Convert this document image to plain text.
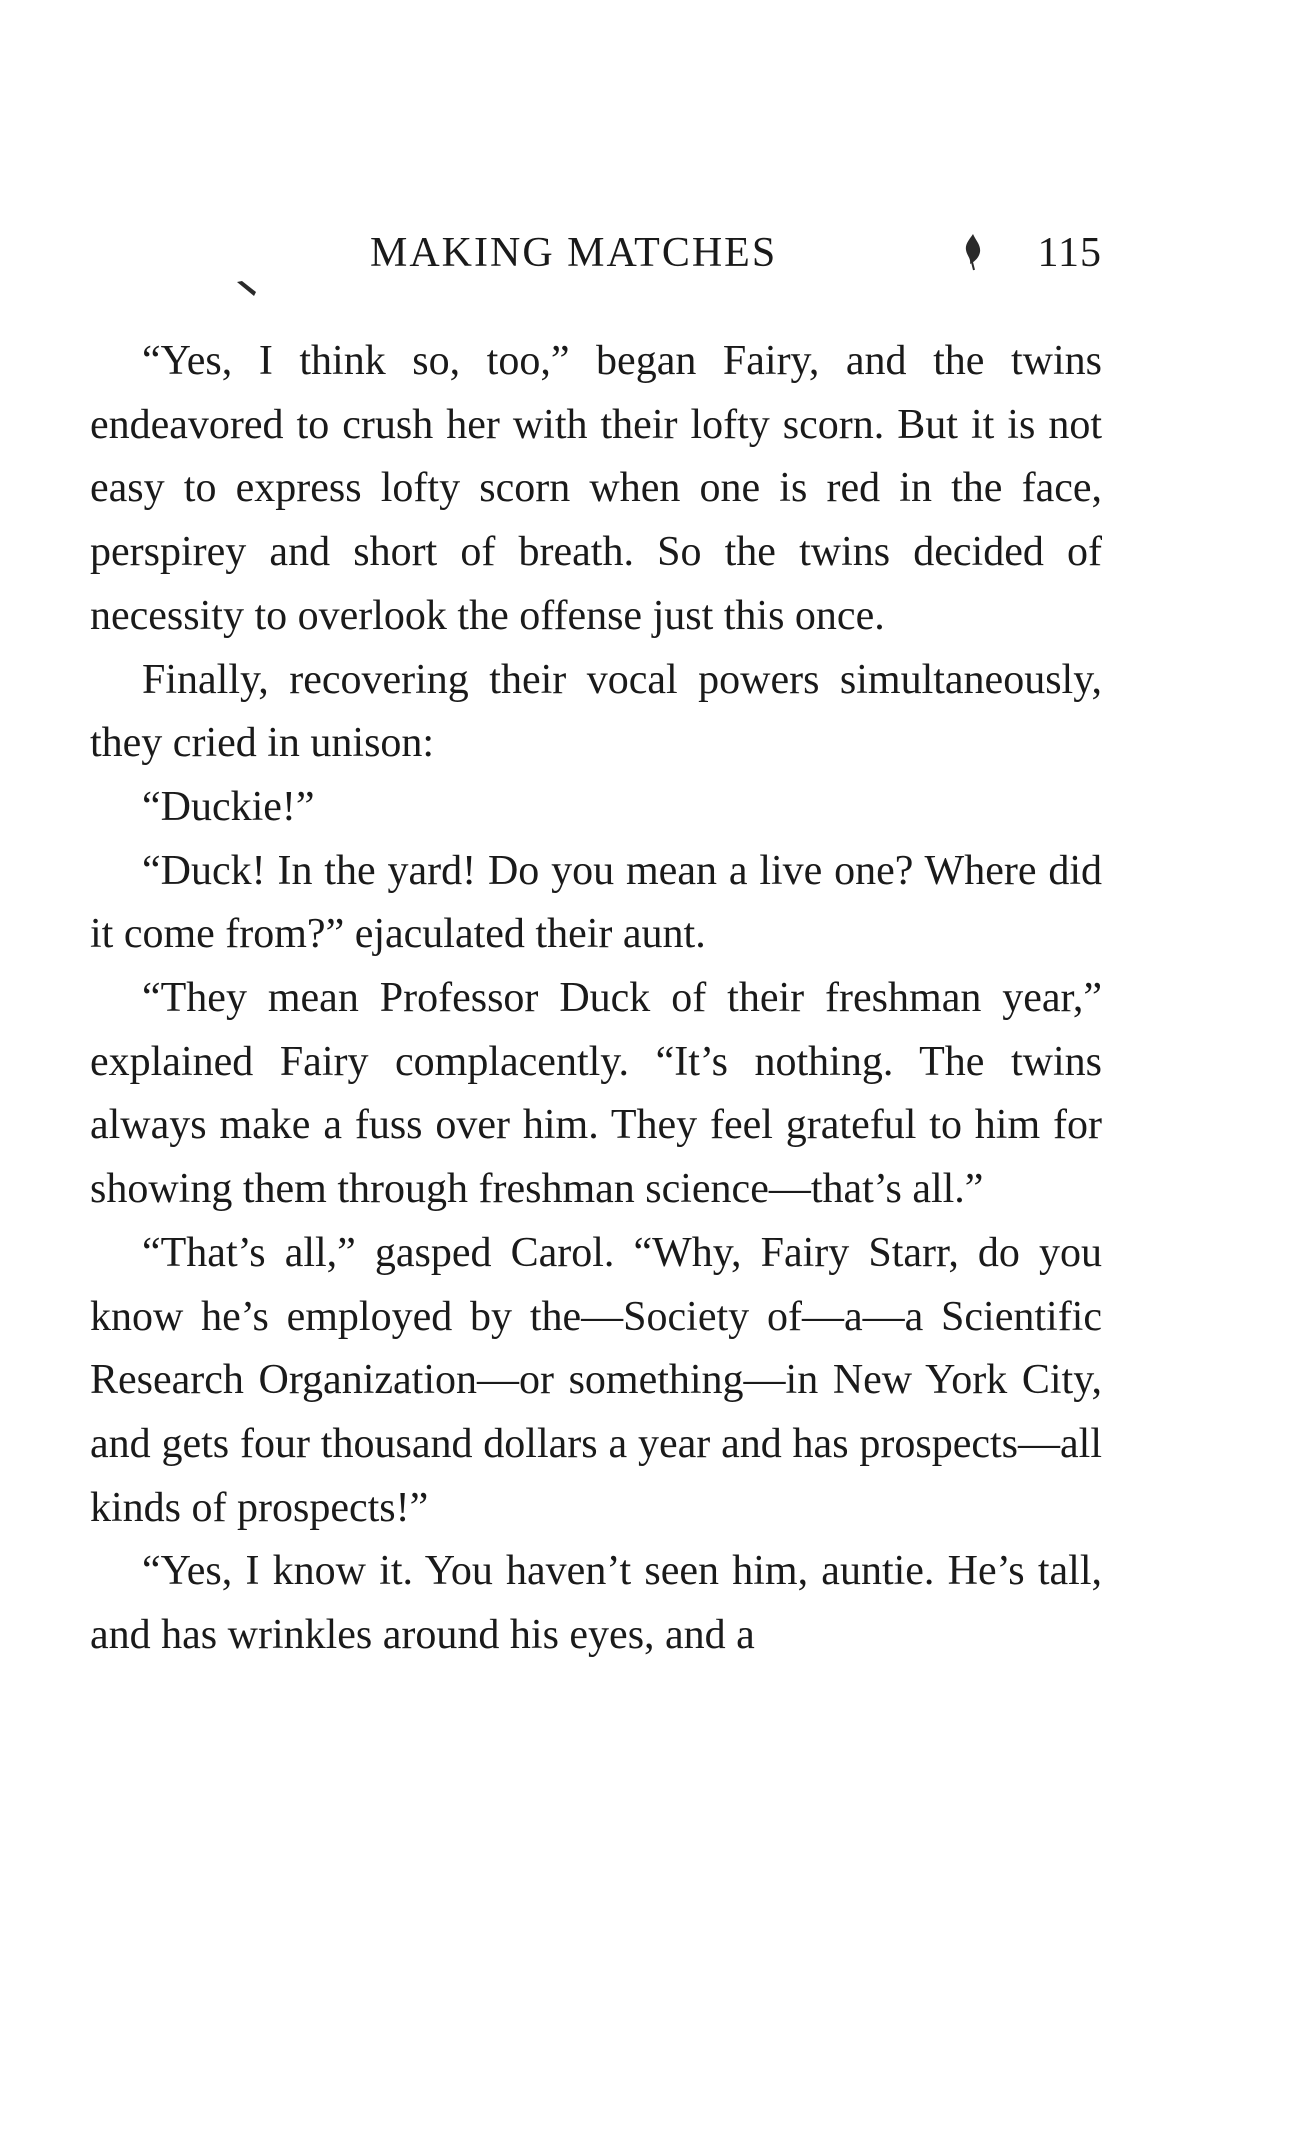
MAKING MATCHES	115

“Yes, I think so, too,” began Fairy, and the twins endeavored to crush her with their lofty scorn. But it is not easy to express lofty scorn when one is red in the face, perspirey and short of breath. So the twins decided of necessity to overlook the offense just this once.

Finally, recovering their vocal powers simultaneously, they cried in unison:

“Duckie!”

“Duck! In the yard! Do you mean a live one? Where did it come from?” ejaculated their aunt.

“They mean Professor Duck of their freshman year,” explained Fairy complacently. “It’s nothing. The twins always make a fuss over him. They feel grateful to him for showing them through freshman science—that’s all.”

“That’s all,” gasped Carol. “Why, Fairy Starr, do you know he’s employed by the—Society of—a—a Scientific Research Organization—or something—in New York City, and gets four thousand dollars a year and has prospects—all kinds of prospects!”

“Yes, I know it. You haven’t seen him, auntie. He’s tall, and has wrinkles around his eyes, and a
